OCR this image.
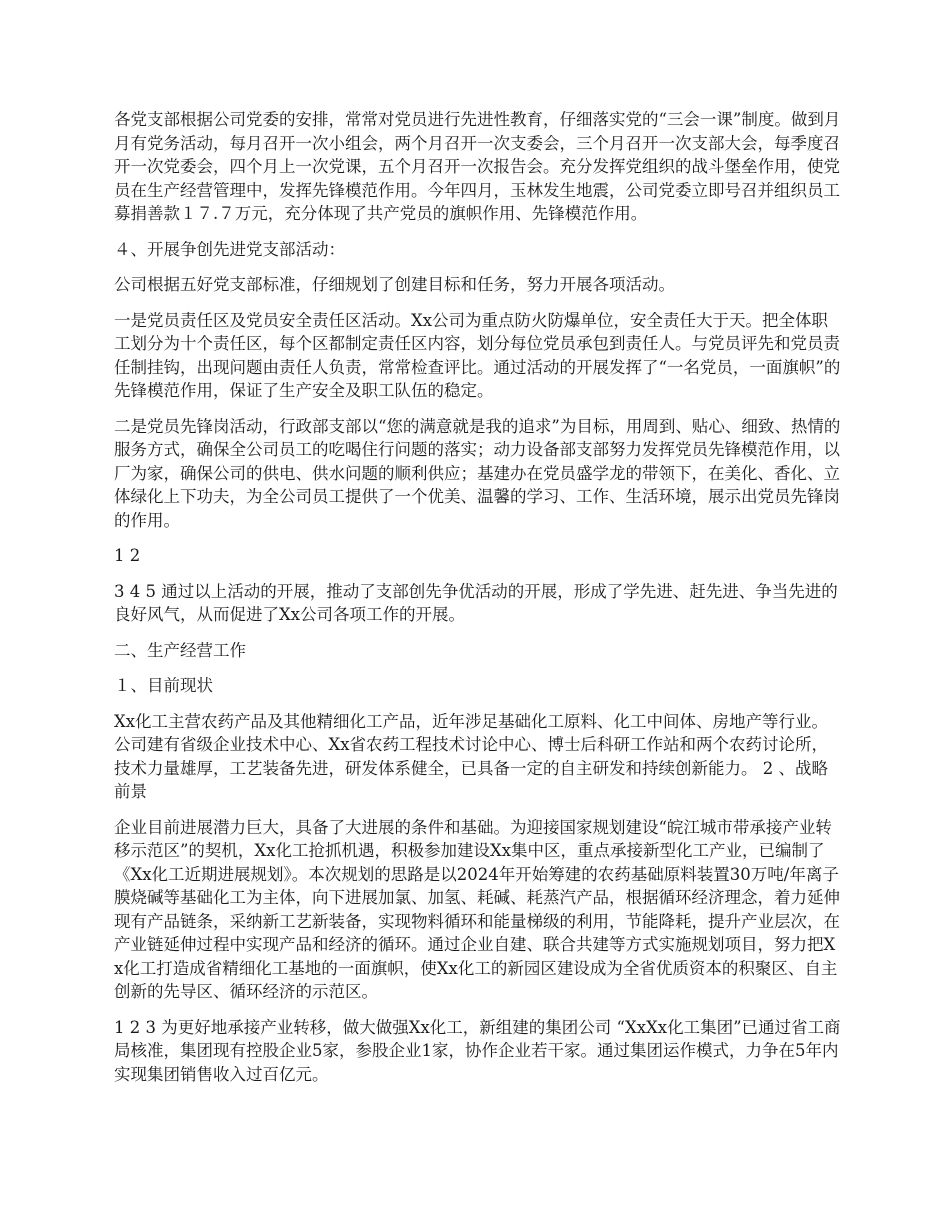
各党支部根据公司党委的安排，常常对党员进行先进性教育，仔细落实党的“三会一课”制度。做到月月有党务活动，每月召开一次小组会，两个月召开一次支委会，三个月召开一次支部大会，每季度召开一次党委会，四个月上一次党课，五个月召开一次报告会。充分发挥党组织的战斗堡垒作用，使党员在生产经营管理中，发挥先锋模范作用。今年四月，玉林发生地震，公司党委立即号召并组织员工募捐善款１７.７万元，充分体现了共产党员的旗帜作用、先锋模范作用。

４、开展争创先进党支部活动：

公司根据五好党支部标准，仔细规划了创建目标和任务，努力开展各项活动。

一是党员责任区及党员安全责任区活动。Xx公司为重点防火防爆单位，安全责任大于天。把全体职工划分为十个责任区，每个区都制定责任区内容，划分每位党员承包到责任人。与党员评先和党员责任制挂钩，出现问题由责任人负责，常常检查评比。通过活动的开展发挥了“一名党员，一面旗帜”的先锋模范作用，保证了生产安全及职工队伍的稳定。

二是党员先锋岗活动，行政部支部以“您的满意就是我的追求”为目标，用周到、贴心、细致、热情的服务方式，确保全公司员工的吃喝住行问题的落实；动力设备部支部努力发挥党员先锋模范作用，以厂为家，确保公司的供电、供水问题的顺利供应；基建办在党员盛学龙的带领下，在美化、香化、立体绿化上下功夫，为全公司员工提供了一个优美、温馨的学习、工作、生活环境，展示出党员先锋岗的作用。

1 2

3 4 5 通过以上活动的开展，推动了支部创先争优活动的开展，形成了学先进、赶先进、争当先进的良好风气，从而促进了Xx公司各项工作的开展。

二、生产经营工作

１、目前现状

Xx化工主营农药产品及其他精细化工产品，近年涉足基础化工原料、化工中间体、房地产等行业。公司建有省级企业技术中心、Xx省农药工程技术讨论中心、博士后科研工作站和两个农药讨论所，技术力量雄厚，工艺装备先进，研发体系健全，已具备一定的自主研发和持续创新能力。 2 、战略前景

企业目前进展潜力巨大，具备了大进展的条件和基础。为迎接国家规划建设“皖江城市带承接产业转移示范区”的契机，Xx化工抢抓机遇，积极参加建设Xx集中区，重点承接新型化工产业，已编制了《Xx化工近期进展规划》。本次规划的思路是以2024年开始筹建的农药基础原料装置30万吨/年离子膜烧碱等基础化工为主体，向下进展加氯、加氢、耗碱、耗蒸汽产品，根据循环经济理念，着力延伸现有产品链条，采纳新工艺新装备，实现物料循环和能量梯级的利用，节能降耗，提升产业层次，在产业链延伸过程中实现产品和经济的循环。通过企业自建、联合共建等方式实施规划项目，努力把Xx化工打造成省精细化工基地的一面旗帜，使Xx化工的新园区建设成为全省优质资本的积聚区、自主创新的先导区、循环经济的示范区。

1 2 3 为更好地承接产业转移，做大做强Xx化工，新组建的集团公司 “XxXx化工集团”已通过省工商局核准，集团现有控股企业5家，参股企业1家，协作企业若干家。通过集团运作模式，力争在5年内实现集团销售收入过百亿元。
